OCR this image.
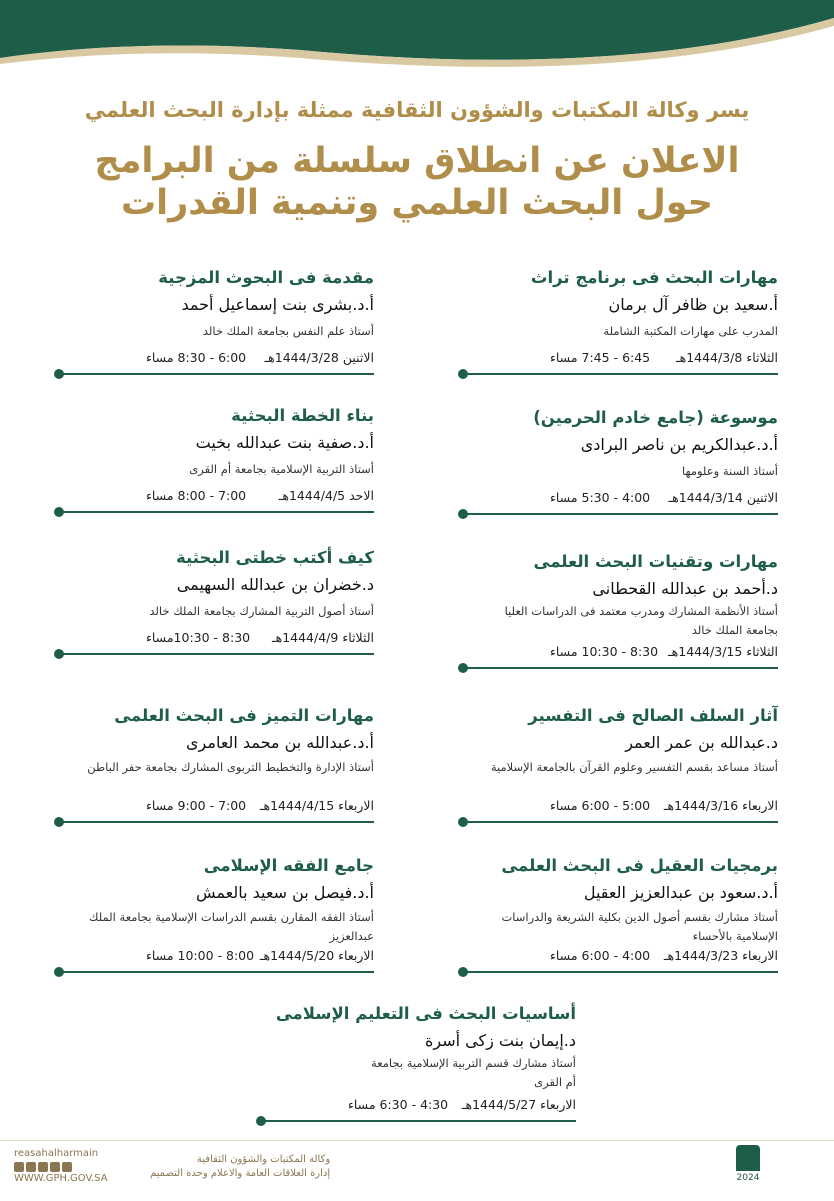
يسر وكالة المكتبات والشؤون الثقافية ممثلة بإدارة البحث العلمي
الاعلان عن انطلاق سلسلة من البرامج
حول البحث العلمي وتنمية القدرات
مهارات البحث فى برنامج تراث
أ.سعيد بن ظافر آل برمان
المدرب على مهارات المكتبة الشاملة
الثلاثاء 1444/3/8هـ
6:45 - 7:45 مساء
مقدمة فى البحوث المزجية
أ.د.بشرى بنت إسماعيل أحمد
أستاذ علم النفس بجامعة الملك خالد
الاثنين 1444/3/28هـ
6:00 - 8:30 مساء
موسوعة (جامع خادم الحرمين)
أ.د.عبدالكريم بن ناصر البرادى
أستاذ السنة وعلومها
الاثنين 1444/3/14هـ
4:00 - 5:30 مساء
بناء الخطة البحثية
أ.د.صفية بنت عبدالله بخيت
أستاذ التربية الإسلامية بجامعة أم القرى
الاحد 1444/4/5هـ
7:00 - 8:00 مساء
مهارات وتقنيات البحث العلمى
د.أحمد بن عبدالله القحطانى
أستاذ الأنظمة المشارك ومدرب معتمد فى الدراسات العليا بجامعة الملك خالد
الثلاثاء 1444/3/15هـ
8:30 - 10:30 مساء
كيف أكتب خطتى البحثية
د.خضران بن عبدالله السهيمى
أستاذ أصول التربية المشارك بجامعة الملك خالد
الثلاثاء 1444/4/9هـ
8:30 - 10:30مساء
آثار السلف الصالح فى التفسير
د.عبدالله بن عمر العمر
أستاذ مساعد بقسم التفسير وعلوم القرآن بالجامعة الإسلامية
الاربعاء 1444/3/16هـ
5:00 - 6:00 مساء
مهارات التميز فى البحث العلمى
أ.د.عبدالله بن محمد العامرى
أستاذ الإدارة والتخطيط التربوى المشارك بجامعة حفر الباطن
الاربعاء 1444/4/15هـ
7:00 - 9:00 مساء
برمجيات العقيل فى البحث العلمى
أ.د.سعود بن عبدالعزيز العقيل
أستاذ مشارك بقسم أصول الدين بكلية الشريعة والدراسات الإسلامية بالأحساء
الاربعاء 1444/3/23هـ
4:00 - 6:00 مساء
جامع الفقه الإسلامى
أ.د.فيصل بن سعيد بالعمش
أستاذ الفقه المقارن بقسم الدراسات الإسلامية بجامعة الملك عبدالعزيز
الاربعاء 1444/5/20هـ
8:00 - 10:00 مساء
أساسيات البحث فى التعليم الإسلامى
د.إيمان بنت زكى أسرة
أستاذ مشارك قسم التربية الإسلامية بجامعة أم القرى
الاربعاء 1444/5/27هـ
4:30 - 6:30 مساء
2024
وكالة المكتبات والشؤون الثقافية
إدارة العلاقات العامة والاعلام وحدة التصميم
reasahalharmain
WWW.GPH.GOV.SA
